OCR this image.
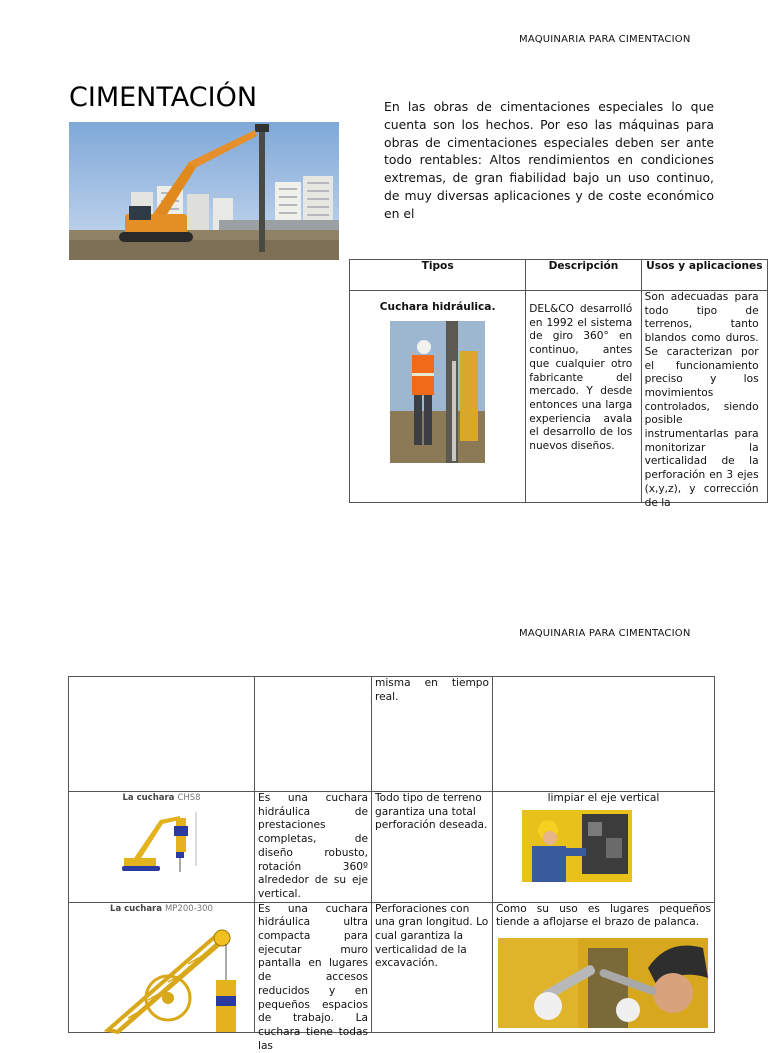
MAQUINARIA PARA CIMENTACION
CIMENTACIÓN	En las obras de cimentaciones especiales lo que cuenta son los hechos. Por eso las máquinas para obras de cimentaciones especiales deben ser ante todo rentables: Altos rendimientos en condiciones extremas, de gran fiabilidad bajo un uso continuo, de muy diversas aplicaciones y de coste económico en el
Tipos	Descripción	Usos y aplicaciones

Cuchara hidráulica.	DEL&CO desarrolló en 1992 el sistema de giro 360° en continuo, antes que cualquier otro fabricante del mercado. Y desde entonces una larga experiencia avala el desarrollo de los nuevos diseños.	Son adecuadas para todo tipo de terrenos, tanto blandos como duros. Se caracterizan por el funcionamiento preciso y los movimientos controlados, siendo posible instrumentarlas para monitorizar la verticalidad de la perforación en 3 ejes (x,y,z), y corrección de la
MAQUINARIA PARA CIMENTACION

		misma en tiempo real.	

La cuchara CHS8	Es una cuchara hidráulica de prestaciones completas, de diseño robusto, rotación 360º alrededor de su eje vertical.	Todo tipo de terreno garantiza una total perforación deseada.	limpiar el eje vertical

La cuchara MP200-300	Es una cuchara hidráulica ultra compacta para ejecutar muro pantalla en lugares de accesos reducidos y en pequeños espacios de trabajo. La cuchara tiene todas las	Perforaciones con una gran longitud. Lo cual garantiza la verticalidad de la excavación.	Como su uso es lugares pequeños tiende a aflojarse el brazo de palanca.
